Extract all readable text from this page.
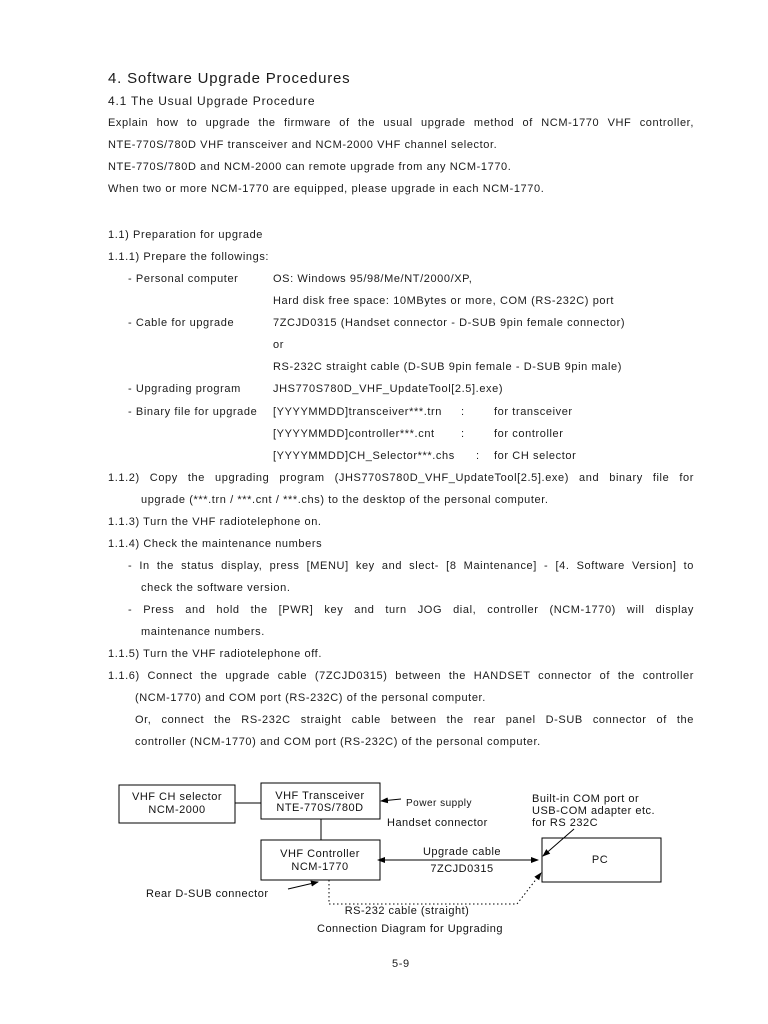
4. Software Upgrade Procedures
4.1 The Usual Upgrade Procedure
Explain how to upgrade the firmware of the usual upgrade method of NCM-1770 VHF controller,
NTE-770S/780D VHF transceiver and NCM-2000 VHF channel selector.
NTE-770S/780D and NCM-2000 can remote upgrade from any NCM-1770.
When two or more NCM-1770 are equipped, please upgrade in each NCM-1770.
1.1) Preparation for upgrade
1.1.1) Prepare the followings:
- Personal computer	OS: Windows 95/98/Me/NT/2000/XP,
Hard disk free space: 10MBytes or more, COM (RS-232C) port
- Cable for upgrade	7ZCJD0315 (Handset connector - D-SUB 9pin female connector)
or
RS-232C straight cable (D-SUB 9pin female - D-SUB 9pin male)
- Upgrading program	JHS770S780D_VHF_UpdateTool[2.5].exe)
- Binary file for upgrade [YYYYMMDD]transceiver***.trn :	for transceiver
[YYYYMMDD]controller***.cnt :	for controller
[YYYYMMDD]CH_Selector***.chs : for CH selector
1.1.2) Copy the upgrading program (JHS770S780D_VHF_UpdateTool[2.5].exe) and binary file for
upgrade (***.trn / ***.cnt / ***.chs) to the desktop of the personal computer.
1.1.3) Turn the VHF radiotelephone on.
1.1.4) Check the maintenance numbers
- In the status display, press [MENU] key and slect- [8 Maintenance] - [4. Software Version] to
check the software version.
- Press and hold the [PWR] key and turn JOG dial, controller (NCM-1770) will display
maintenance numbers.
1.1.5) Turn the VHF radiotelephone off.
1.1.6) Connect the upgrade cable (7ZCJD0315) between the HANDSET connector of the controller
(NCM-1770) and COM port (RS-232C) of the personal computer.
Or, connect the RS-232C straight cable between the rear panel D-SUB connector of the
controller (NCM-1770) and COM port (RS-232C) of the personal computer.
VHF CH selector
NCM-2000
VHF Transceiver
NTE-770S/780D	Power supply
Handset connector
Built-in COM port or
USB-COM adapter etc.
for RS 232C
VHF Controller
NCM-1770
Upgrade cable
7ZCJD0315
PC
Rear D-SUB connector
RS-232 cable (straight)
Connection Diagram for Upgrading
5-9
